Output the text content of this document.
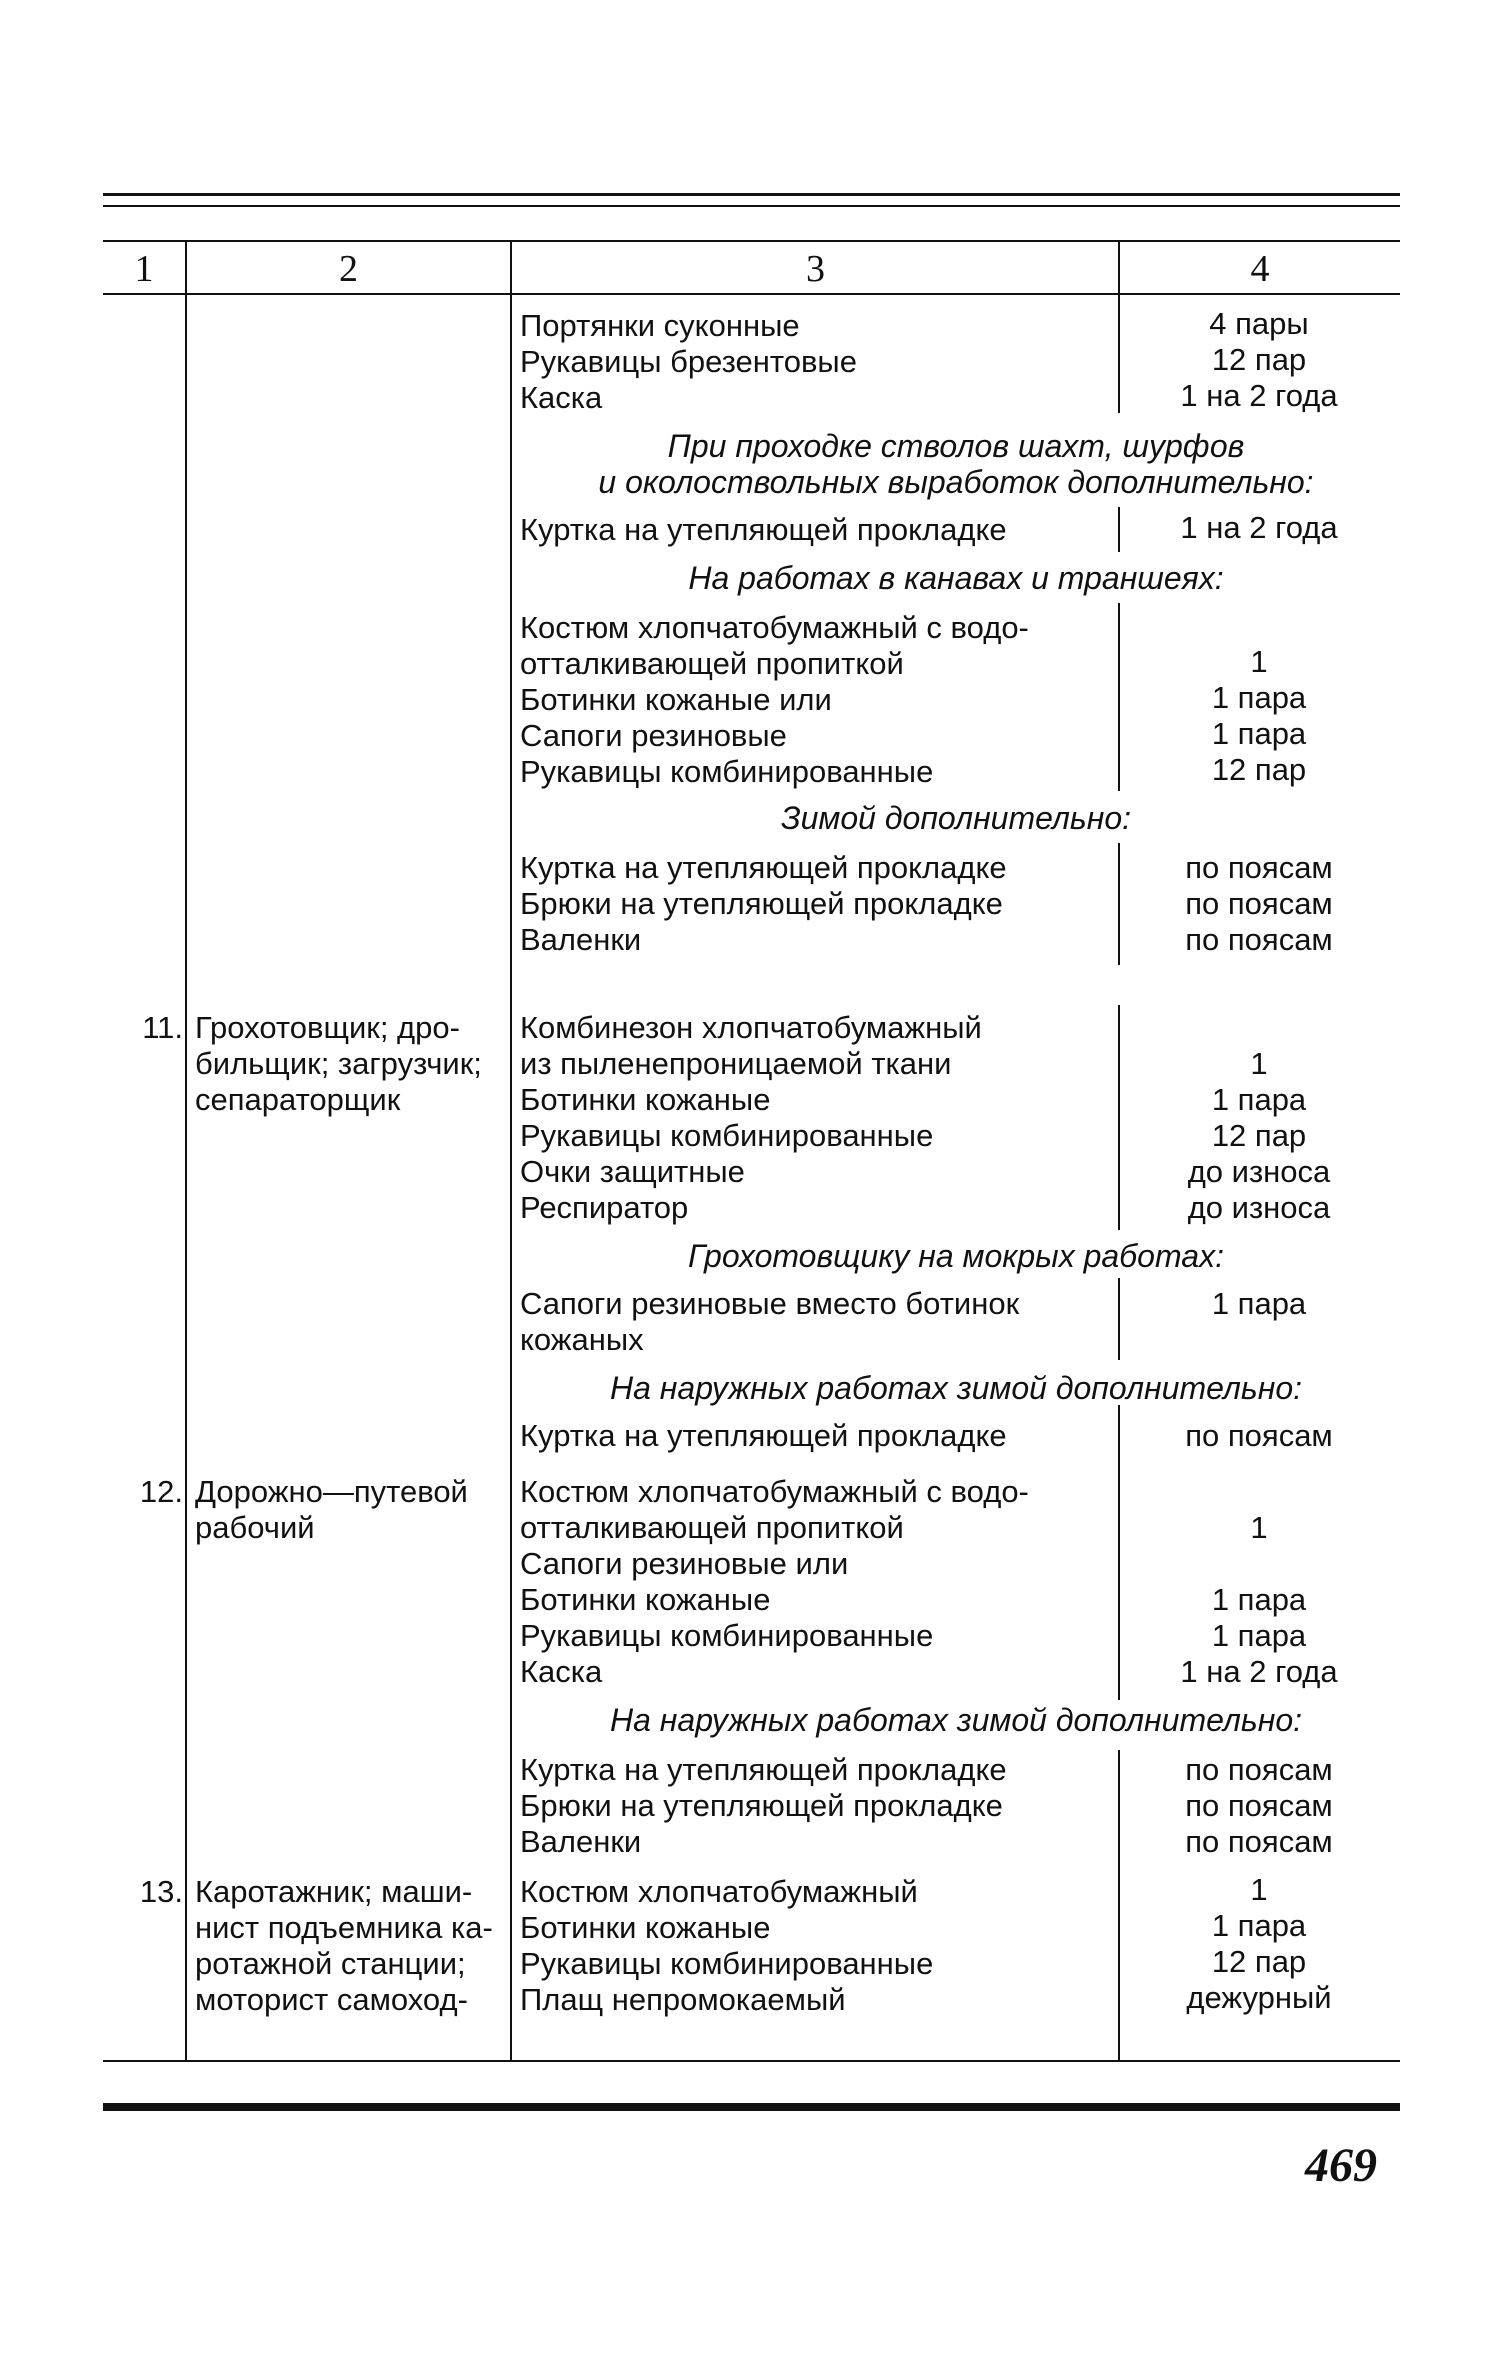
1	2	3	4
Портянки суконные	4 пары
Рукавицы брезентовые	12 пар
Каска	1 на 2 года
При проходке стволов шахт, шурфов
и околоствольных выработок дополнительно:
Куртка на утепляющей прокладке	1 на 2 года
На работах в канавах и траншеях:
Костюм хлопчатобумажный с водо-
отталкивающей пропиткой	1
Ботинки кожаные или	1 пара
Сапоги резиновые	1 пара
Рукавицы комбинированные	12 пар
Зимой дополнительно:
Куртка на утепляющей прокладке	по поясам
Брюки на утепляющей прокладке	по поясам
Валенки	по поясам
11. Грохотовщик; дро-
бильщик; загрузчик;
сепараторщик
Комбинезон хлопчатобумажный
из пыленепроницаемой ткани	1
Ботинки кожаные	1 пара
Рукавицы комбинированные	12 пар
Очки защитные	до износа
Респиратор	до износа
Грохотовщику на мокрых работах:
Сапоги резиновые вместо ботинок	1 пара
кожаных
На наружных работах зимой дополнительно:
Куртка на утепляющей прокладке	по поясам
12. Дорожно—путевой
рабочий
Костюм хлопчатобумажный с водо-
отталкивающей пропиткой	1
Сапоги резиновые или
Ботинки кожаные	1 пара
Рукавицы комбинированные	1 пара
Каска	1 на 2 года
На наружных работах зимой дополнительно:
Куртка на утепляющей прокладке	по поясам
Брюки на утепляющей прокладке	по поясам
Валенки	по поясам
13. Каротажник; маши-
нист подъемника ка-
ротажной станции;
моторист самоход-
Костюм хлопчатобумажный	1
Ботинки кожаные	1 пара
Рукавицы комбинированные	12 пар
Плащ непромокаемый	дежурный
469
